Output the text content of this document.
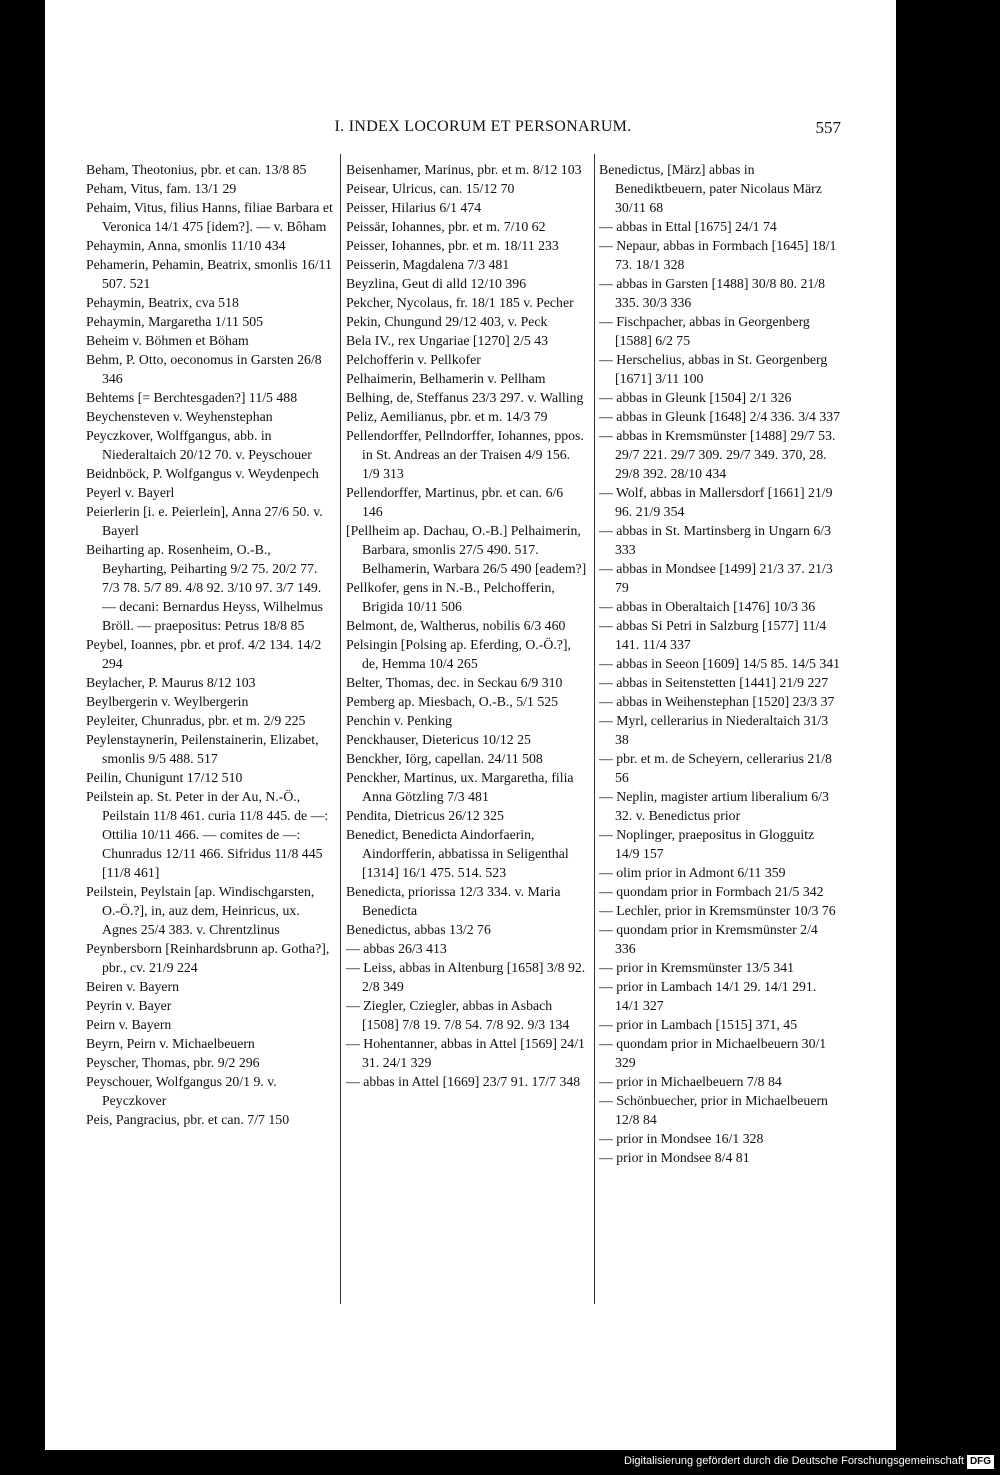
I. INDEX LOCORUM ET PERSONARUM.	557
Beham, Theotonius, pbr. et can. 13/8 85
Peham, Vitus, fam. 13/1 29
Pehaim, Vitus, filius Hanns, filiae Barbara et Veronica 14/1 475 [idem?]. — v. Bôham
Pehaymin, Anna, smonlis 11/10 434
Pehamerin, Pehamin, Beatrix, smonlis 16/11 507. 521
Pehaymin, Beatrix, cva 518
Pehaymin, Margaretha 1/11 505
Beheim v. Böhmen et Böham
Behm, P. Otto, oeconomus in Garsten 26/8 346
Behtems [= Berchtesgaden?] 11/5 488
Beychensteven v. Weyhenstephan
Peyczkover, Wolffgangus, abb. in Niederaltaich 20/12 70. v. Peyschouer
Beidnböck, P. Wolfgangus v. Weydenpech
Peyerl v. Bayerl
Peierlerin [i. e. Peierlein], Anna 27/6 50. v. Bayerl
Beiharting ap. Rosenheim, O.-B., Beyharting, Peiharting 9/2 75. 20/2 77. 7/3 78. 5/7 89. 4/8 92. 3/10 97. 3/7 149. — decani: Bernardus Heyss, Wilhelmus Bröll. — praepositus: Petrus 18/8 85
Peybel, Ioannes, pbr. et prof. 4/2 134. 14/2 294
Beylacher, P. Maurus 8/12 103
Beylbergerin v. Weylbergerin
Peyleiter, Chunradus, pbr. et m. 2/9 225
Peylenstaynerin, Peilenstainerin, Elizabet, smonlis 9/5 488. 517
Peilin, Chunigunt 17/12 510
Peilstein ap. St. Peter in der Au, N.-Ö., Peilstain 11/8 461. curia 11/8 445. de —: Ottilia 10/11 466. — comites de —: Chunradus 12/11 466. Sifridus 11/8 445 [11/8 461]
Peilstein, Peylstain [ap. Windischgarsten, O.-Ö.?], in, auz dem, Heinricus, ux. Agnes 25/4 383. v. Chrentzlinus
Peynbersborn [Reinhardsbrunn ap. Gotha?], pbr., cv. 21/9 224
Beiren v. Bayern
Peyrin v. Bayer
Peirn v. Bayern
Beyrn, Peirn v. Michaelbeuern
Peyscher, Thomas, pbr. 9/2 296
Peyschouer, Wolfgangus 20/1 9. v. Peyczkover
Peis, Pangracius, pbr. et can. 7/7 150
Beisenhamer, Marinus, pbr. et m. 8/12 103
Peisear, Ulricus, can. 15/12 70
Peisser, Hilarius 6/1 474
Peissär, Iohannes, pbr. et m. 7/10 62
Peisser, Iohannes, pbr. et m. 18/11 233
Peisserin, Magdalena 7/3 481
Beyzlina, Geut di alld 12/10 396
Pekcher, Nycolaus, fr. 18/1 185 v. Pecher
Pekin, Chungund 29/12 403, v. Peck
Bela IV., rex Ungariae [1270] 2/5 43
Pelchofferin v. Pellkofer
Pelhaimerin, Belhamerin v. Pellham
Belhing, de, Steffanus 23/3 297. v. Walling
Peliz, Aemilianus, pbr. et m. 14/3 79
Pellendorffer, Pellndorffer, Iohannes, ppos. in St. Andreas an der Traisen 4/9 156. 1/9 313
Pellendorffer, Martinus, pbr. et can. 6/6 146
[Pellheim ap. Dachau, O.-B.] Pelhaimerin, Barbara, smonlis 27/5 490. 517. Belhamerin, Warbara 26/5 490 [eadem?]
Pellkofer, gens in N.-B., Pelchofferin, Brigida 10/11 506
Belmont, de, Waltherus, nobilis 6/3 460
Pelsingin [Polsing ap. Eferding, O.-Ö.?], de, Hemma 10/4 265
Belter, Thomas, dec. in Seckau 6/9 310
Pemberg ap. Miesbach, O.-B., 5/1 525
Penchin v. Penking
Penckhauser, Dietericus 10/12 25
Benckher, Iörg, capellan. 24/11 508
Penckher, Martinus, ux. Margaretha, filia Anna Götzling 7/3 481
Pendita, Dietricus 26/12 325
Benedict, Benedicta Aindorfaerin, Aindorfferin, abbatissa in Seligenthal [1314] 16/1 475. 514. 523
Benedicta, priorissa 12/3 334. v. Maria Benedicta
Benedictus, abbas 13/2 76
— abbas 26/3 413
— Leiss, abbas in Altenburg [1658] 3/8 92. 2/8 349
— Ziegler, Cziegler, abbas in Asbach [1508] 7/8 19. 7/8 54. 7/8 92. 9/3 134
— Hohentanner, abbas in Attel [1569] 24/1 31. 24/1 329
— abbas in Attel [1669] 23/7 91. 17/7 348
Benedictus, [März] abbas in Benediktbeuern, pater Nicolaus März 30/11 68
— abbas in Ettal [1675] 24/1 74
— Nepaur, abbas in Formbach [1645] 18/1 73. 18/1 328
— abbas in Garsten [1488] 30/8 80. 21/8 335. 30/3 336
— Fischpacher, abbas in Georgenberg [1588] 6/2 75
— Herschelius, abbas in St. Georgenberg [1671] 3/11 100
— abbas in Gleunk [1504] 2/1 326
— abbas in Gleunk [1648] 2/4 336. 3/4 337
— abbas in Kremsmünster [1488] 29/7 53. 29/7 221. 29/7 309. 29/7 349. 370, 28. 29/8 392. 28/10 434
— Wolf, abbas in Mallersdorf [1661] 21/9 96. 21/9 354
— abbas in St. Martinsberg in Ungarn 6/3 333
— abbas in Mondsee [1499] 21/3 37. 21/3 79
— abbas in Oberaltaich [1476] 10/3 36
— abbas Si Petri in Salzburg [1577] 11/4 141. 11/4 337
— abbas in Seeon [1609] 14/5 85. 14/5 341
— abbas in Seitenstetten [1441] 21/9 227
— abbas in Weihenstephan [1520] 23/3 37
— Myrl, cellerarius in Niederaltaich 31/3 38
— pbr. et m. de Scheyern, cellerarius 21/8 56
— Neplin, magister artium liberalium 6/3 32. v. Benedictus prior
— Noplinger, praepositus in Glogguitz 14/9 157
— olim prior in Admont 6/11 359
— quondam prior in Formbach 21/5 342
— Lechler, prior in Kremsmünster 10/3 76
— quondam prior in Kremsmünster 2/4 336
— prior in Kremsmünster 13/5 341
— prior in Lambach 14/1 29. 14/1 291. 14/1 327
— prior in Lambach [1515] 371, 45
— quondam prior in Michaelbeuern 30/1 329
— prior in Michaelbeuern 7/8 84
— Schönbuecher, prior in Michaelbeuern 12/8 84
— prior in Mondsee 16/1 328
— prior in Mondsee 8/4 81
Digitalisierung gefördert durch die Deutsche Forschungsgemeinschaft DFG
